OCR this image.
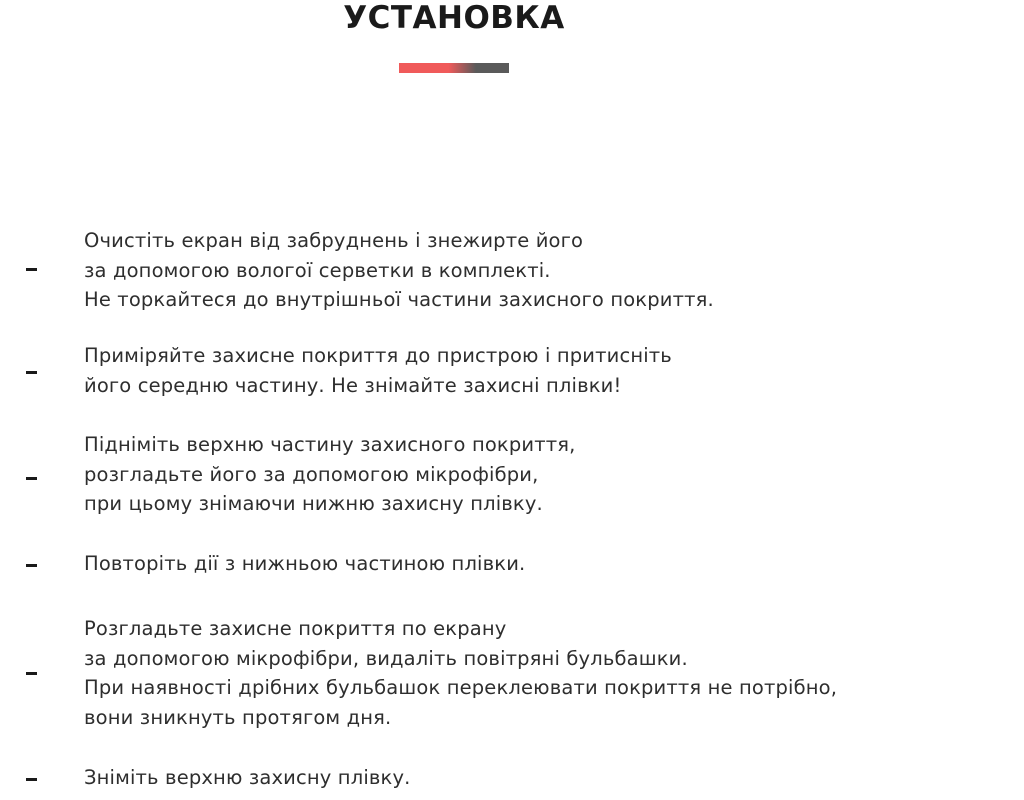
УСТАНОВКА
Очистіть екран від забруднень і знежирте його
за допомогою вологої серветки в комплекті.
Не торкайтеся до внутрішньої частини захисного покриття.
Приміряйте захисне покриття до пристрою і притисніть
його середню частину. Не знімайте захисні плівки!
Підніміть верхню частину захисного покриття,
розгладьте його за допомогою мікрофібри,
при цьому знімаючи нижню захисну плівку.
Повторіть дії з нижньою частиною плівки.
Розгладьте захисне покриття по екрану
за допомогою мікрофібри, видаліть повітряні бульбашки.
При наявності дрібних бульбашок переклеювати покриття не потрібно,
вони зникнуть протягом дня.
Зніміть верхню захисну плівку.
